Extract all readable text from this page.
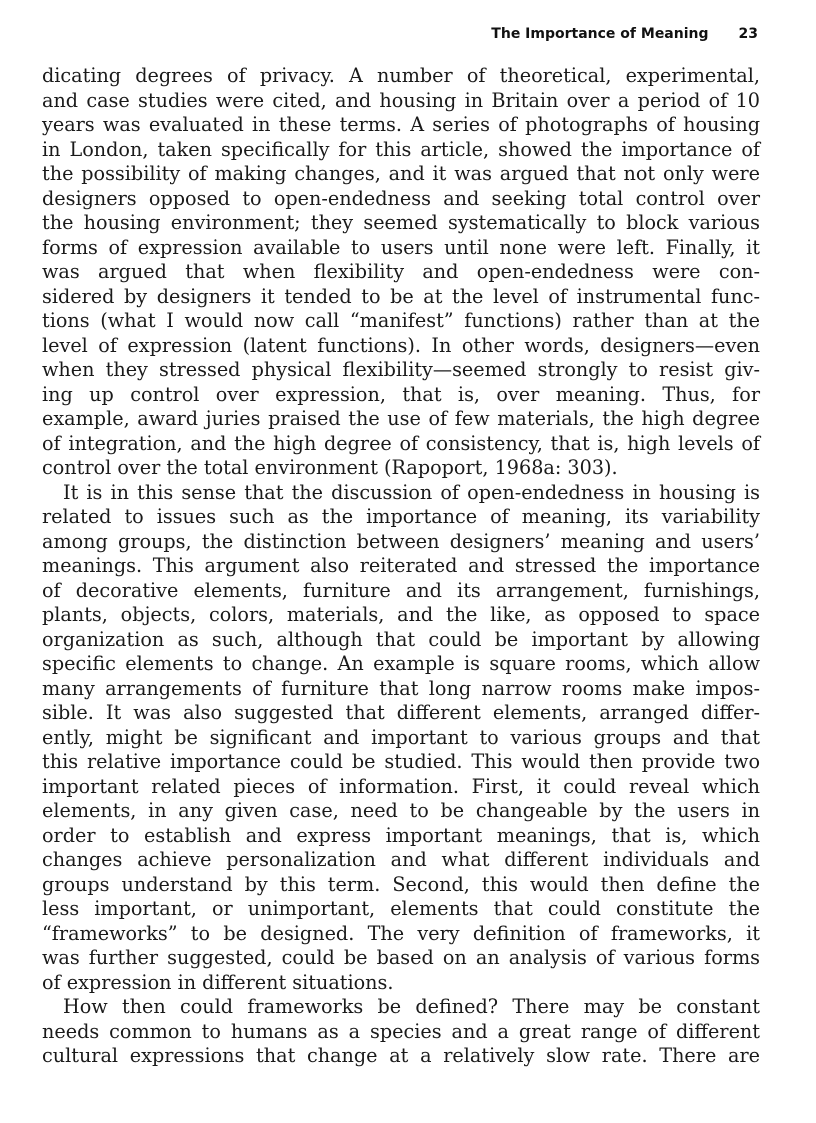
The Importance of Meaning 23
dicating degrees of privacy. A number of theoretical, experimental,
and case studies were cited, and housing in Britain over a period of 10
years was evaluated in these terms. A series of photographs of housing
in London, taken specifically for this article, showed the importance of
the possibility of making changes, and it was argued that not only were
designers opposed to open-endedness and seeking total control over
the housing environment; they seemed systematically to block various
forms of expression available to users until none were left. Finally, it
was argued that when flexibility and open-endedness were con-
sidered by designers it tended to be at the level of instrumental func-
tions (what I would now call “manifest” functions) rather than at the
level of expression (latent functions). In other words, designers—even
when they stressed physical flexibility—seemed strongly to resist giv-
ing up control over expression, that is, over meaning. Thus, for
example, award juries praised the use of few materials, the high degree
of integration, and the high degree of consistency, that is, high levels of
control over the total environment (Rapoport, 1968a: 303).
It is in this sense that the discussion of open-endedness in housing is
related to issues such as the importance of meaning, its variability
among groups, the distinction between designers’ meaning and users’
meanings. This argument also reiterated and stressed the importance
of decorative elements, furniture and its arrangement, furnishings,
plants, objects, colors, materials, and the like, as opposed to space
organization as such, although that could be important by allowing
specific elements to change. An example is square rooms, which allow
many arrangements of furniture that long narrow rooms make impos-
sible. It was also suggested that different elements, arranged differ-
ently, might be significant and important to various groups and that
this relative importance could be studied. This would then provide two
important related pieces of information. First, it could reveal which
elements, in any given case, need to be changeable by the users in
order to establish and express important meanings, that is, which
changes achieve personalization and what different individuals and
groups understand by this term. Second, this would then define the
less important, or unimportant, elements that could constitute the
“frameworks” to be designed. The very definition of frameworks, it
was further suggested, could be based on an analysis of various forms
of expression in different situations.
How then could frameworks be defined? There may be constant
needs common to humans as a species and a great range of different
cultural expressions that change at a relatively slow rate. There are
